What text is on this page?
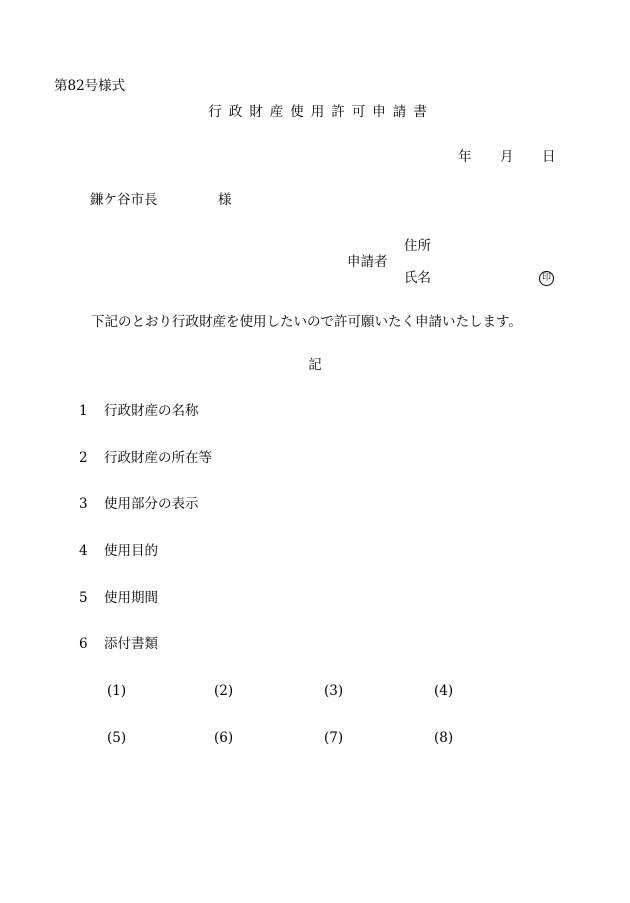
第82号様式
行政財産使用許可申請書
年 月 日
鎌ケ谷市長	様
申請者
住所
氏名	印
下記のとおり行政財産を使用したいので許可願いたく申請いたします。
記
1 行政財産の名称
2 行政財産の所在等
3 使用部分の表示
4 使用目的
5 使用期間
6 添付書類
(1)	(2)	(3)	(4)
(5)	(6)	(7)	(8)
